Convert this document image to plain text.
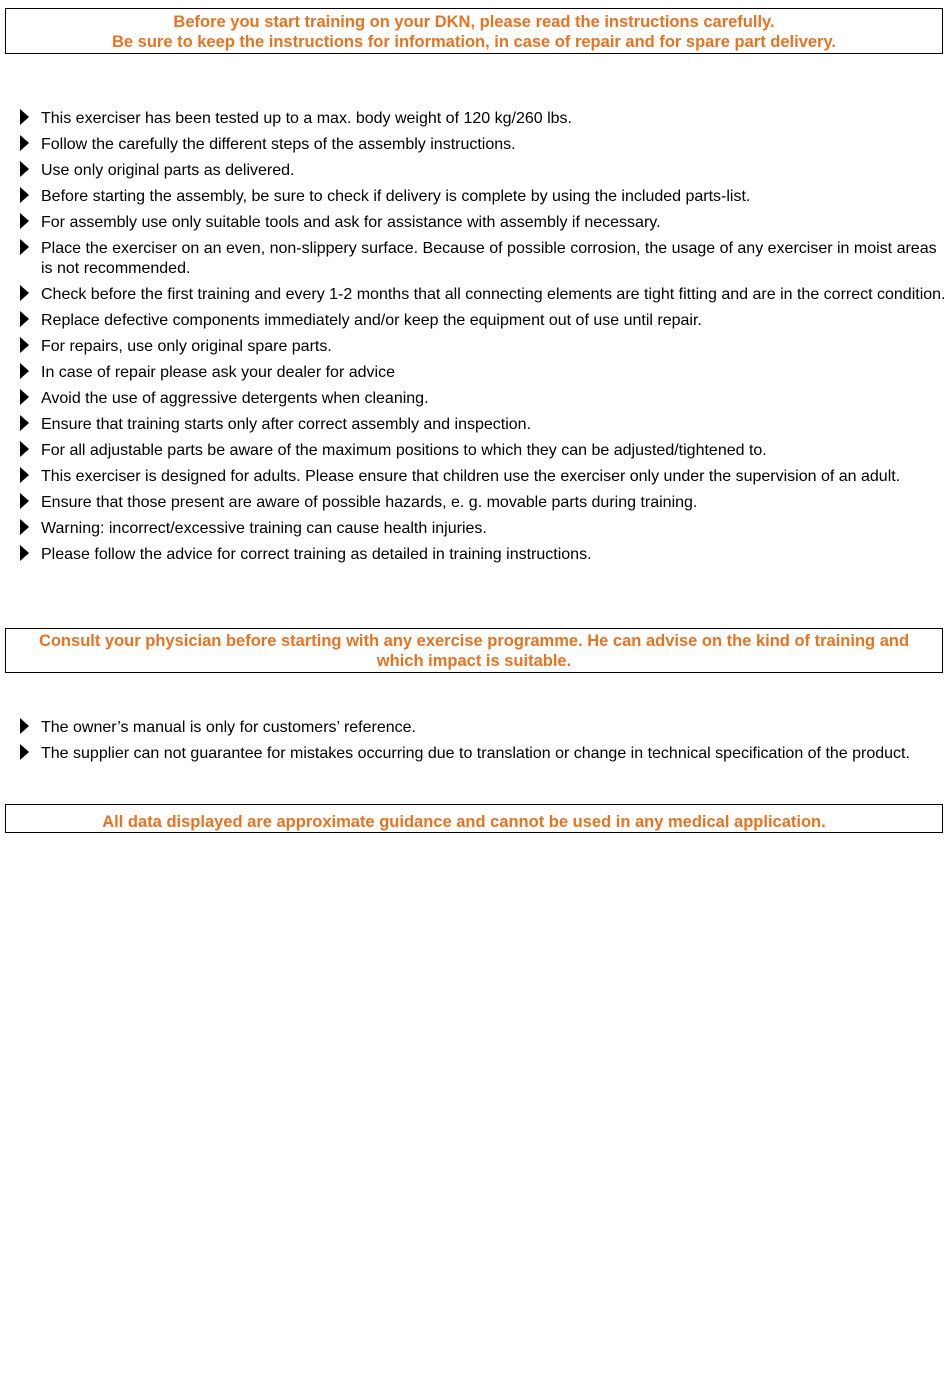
Before you start training on your DKN, please read the instructions carefully.

Be sure to keep the instructions for information, in case of repair and for spare part delivery.

This exerciser has been tested up to a max. body weight of 120 kg/260 lbs.
Follow the carefully the different steps of the assembly instructions.
Use only original parts as delivered.
Before starting the assembly, be sure to check if delivery is complete by using the included parts-list.
For assembly use only suitable tools and ask for assistance with assembly if necessary.
Place the exerciser on an even, non-slippery surface. Because of possible corrosion, the usage of any exerciser in moist areas is not recommended.
Check before the first training and every 1-2 months that all connecting elements are tight fitting and are in the correct condition.
Replace defective components immediately and/or keep the equipment out of use until repair.
For repairs, use only original spare parts.
In case of repair please ask your dealer for advice
Avoid the use of aggressive detergents when cleaning.
Ensure that training starts only after correct assembly and inspection.
For all adjustable parts be aware of the maximum positions to which they can be adjusted/tightened to.
This exerciser is designed for adults. Please ensure that children use the exerciser only under the supervision of an adult.
Ensure that those present are aware of possible hazards, e. g. movable parts during training.
Warning: incorrect/excessive training can cause health injuries.
Please follow the advice for correct training as detailed in training instructions.

Consult your physician before starting with any exercise programme. He can advise on the kind of training and which impact is suitable.

The owner’s manual is only for customers’ reference.
The supplier can not guarantee for mistakes occurring due to translation or change in technical specification of the product.

All data displayed are approximate guidance and cannot be used in any medical application.
